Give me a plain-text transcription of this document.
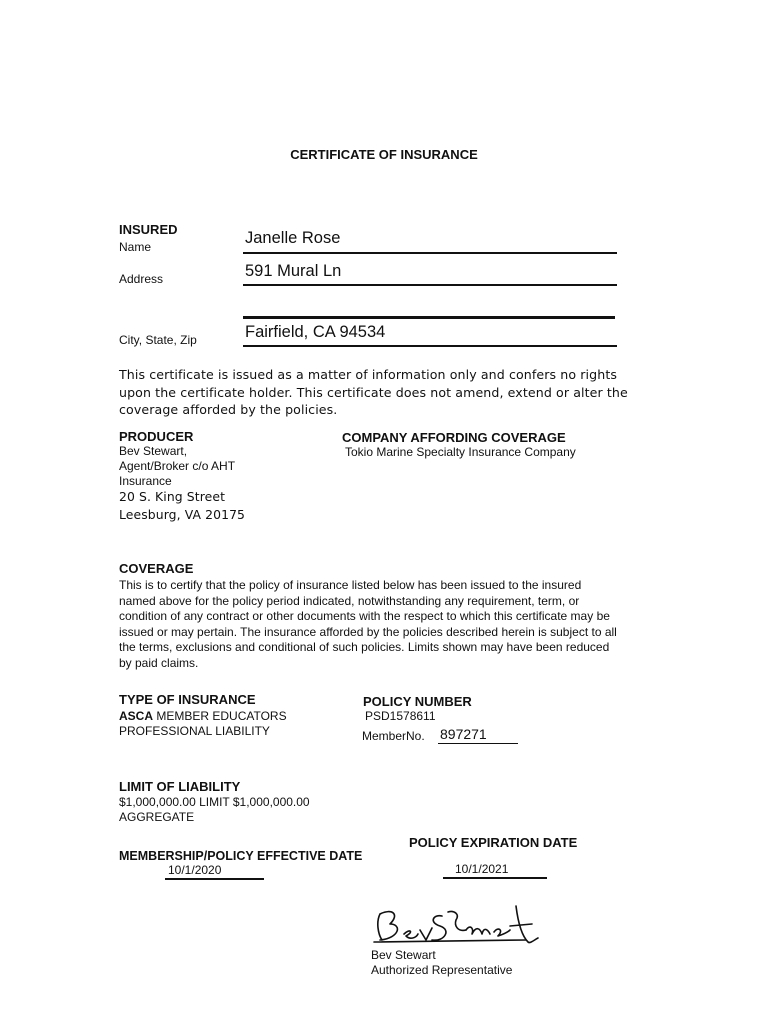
CERTIFICATE OF INSURANCE
INSURED
Name	Janelle Rose
Address	591 Mural Ln
City, State, Zip	Fairfield, CA 94534
This certificate is issued as a matter of information only and confers no rights upon the certificate holder. This certificate does not amend, extend or alter the coverage afforded by the policies.
PRODUCER
Bev Stewart,
Agent/Broker c/o AHT
Insurance
20 S. King Street
Leesburg, VA 20175
COMPANY AFFORDING COVERAGE
Tokio Marine Specialty Insurance Company
COVERAGE
This is to certify that the policy of insurance listed below has been issued to the insured named above for the policy period indicated, notwithstanding any requirement, term, or condition of any contract or other documents with the respect to which this certificate may be issued or may pertain. The insurance afforded by the policies described herein is subject to all the terms, exclusions and conditional of such policies. Limits shown may have been reduced by paid claims.
TYPE OF INSURANCE
ASCA MEMBER EDUCATORS
PROFESSIONAL LIABILITY
POLICY NUMBER
PSD1578611
MemberNo. 897271
LIMIT OF LIABILITY
$1,000,000.00 LIMIT $1,000,000.00
AGGREGATE
POLICY EXPIRATION DATE
10/1/2021
MEMBERSHIP/POLICY EFFECTIVE DATE
10/1/2020
Bev Stewart
Authorized Representative
